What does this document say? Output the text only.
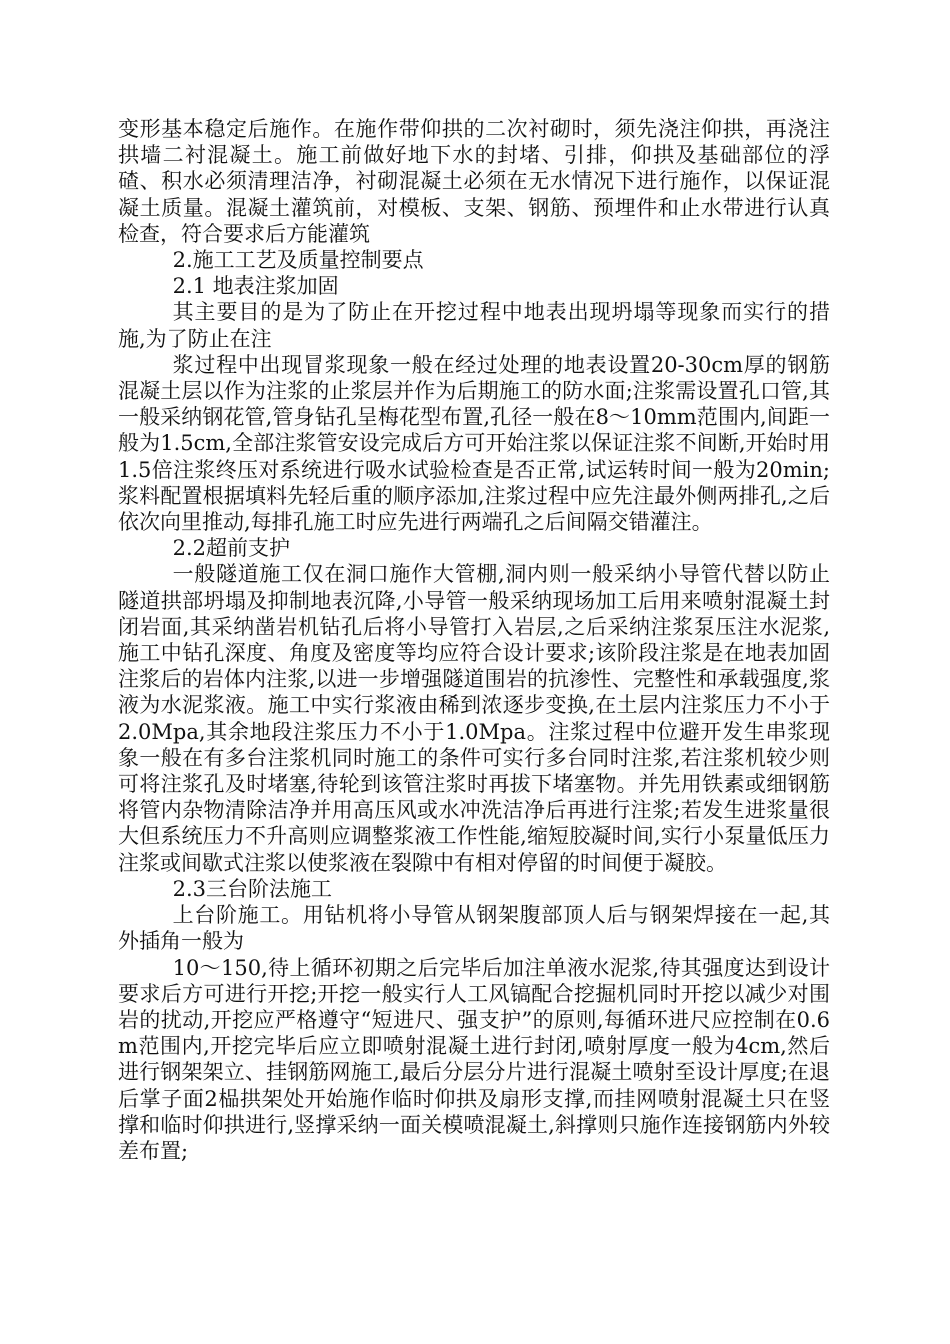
变形基本稳定后施作。在施作带仰拱的二次衬砌时，须先浇注仰拱，再浇注拱墙二衬混凝土。施工前做好地下水的封堵、引排，仰拱及基础部位的浮碴、积水必须清理洁净，衬砌混凝土必须在无水情况下进行施作，以保证混凝土质量。混凝土灌筑前，对模板、支架、钢筋、预埋件和止水带进行认真检查，符合要求后方能灌筑

2.施工工艺及质量控制要点

2.1 地表注浆加固

其主要目的是为了防止在开挖过程中地表出现坍塌等现象而实行的措施,为了防止在注

浆过程中出现冒浆现象一般在经过处理的地表设置20-30cm厚的钢筋混凝土层以作为注浆的止浆层并作为后期施工的防水面;注浆需设置孔口管,其一般采纳钢花管,管身钻孔呈梅花型布置,孔径一般在8～10mm范围内,间距一般为1.5cm,全部注浆管安设完成后方可开始注浆以保证注浆不间断,开始时用1.5倍注浆终压对系统进行吸水试验检查是否正常,试运转时间一般为20min;浆料配置根据填料先轻后重的顺序添加,注浆过程中应先注最外侧两排孔,之后依次向里推动,每排孔施工时应先进行两端孔之后间隔交错灌注。

2.2超前支护

一般隧道施工仅在洞口施作大管棚,洞内则一般采纳小导管代替以防止隧道拱部坍塌及抑制地表沉降,小导管一般采纳现场加工后用来喷射混凝土封闭岩面,其采纳凿岩机钻孔后将小导管打入岩层,之后采纳注浆泵压注水泥浆,施工中钻孔深度、角度及密度等均应符合设计要求;该阶段注浆是在地表加固注浆后的岩体内注浆,以进一步增强隧道围岩的抗渗性、完整性和承载强度,浆液为水泥浆液。施工中实行浆液由稀到浓逐步变换,在土层内注浆压力不小于2.0Mpa,其余地段注浆压力不小于1.0Mpa。注浆过程中位避开发生串浆现象一般在有多台注浆机同时施工的条件可实行多台同时注浆,若注浆机较少则可将注浆孔及时堵塞,待轮到该管注浆时再拔下堵塞物。并先用铁素或细钢筋将管内杂物清除洁净并用高压风或水冲洗洁净后再进行注浆;若发生进浆量很大但系统压力不升高则应调整浆液工作性能,缩短胶凝时间,实行小泵量低压力注浆或间歇式注浆以使浆液在裂隙中有相对停留的时间便于凝胶。

2.3三台阶法施工

上台阶施工。用钻机将小导管从钢架腹部顶人后与钢架焊接在一起,其外插角一般为

10～150,待上循环初期之后完毕后加注单液水泥浆,待其强度达到设计要求后方可进行开挖;开挖一般实行人工风镐配合挖掘机同时开挖以减少对围岩的扰动,开挖应严格遵守“短进尺、强支护”的原则,每循环进尺应控制在0.6m范围内,开挖完毕后应立即喷射混凝土进行封闭,喷射厚度一般为4cm,然后进行钢架架立、挂钢筋网施工,最后分层分片进行混凝土喷射至设计厚度;在退后掌子面2榀拱架处开始施作临时仰拱及扇形支撑,而挂网喷射混凝土只在竖撑和临时仰拱进行,竖撑采纳一面关模喷混凝土,斜撑则只施作连接钢筋内外较差布置;
